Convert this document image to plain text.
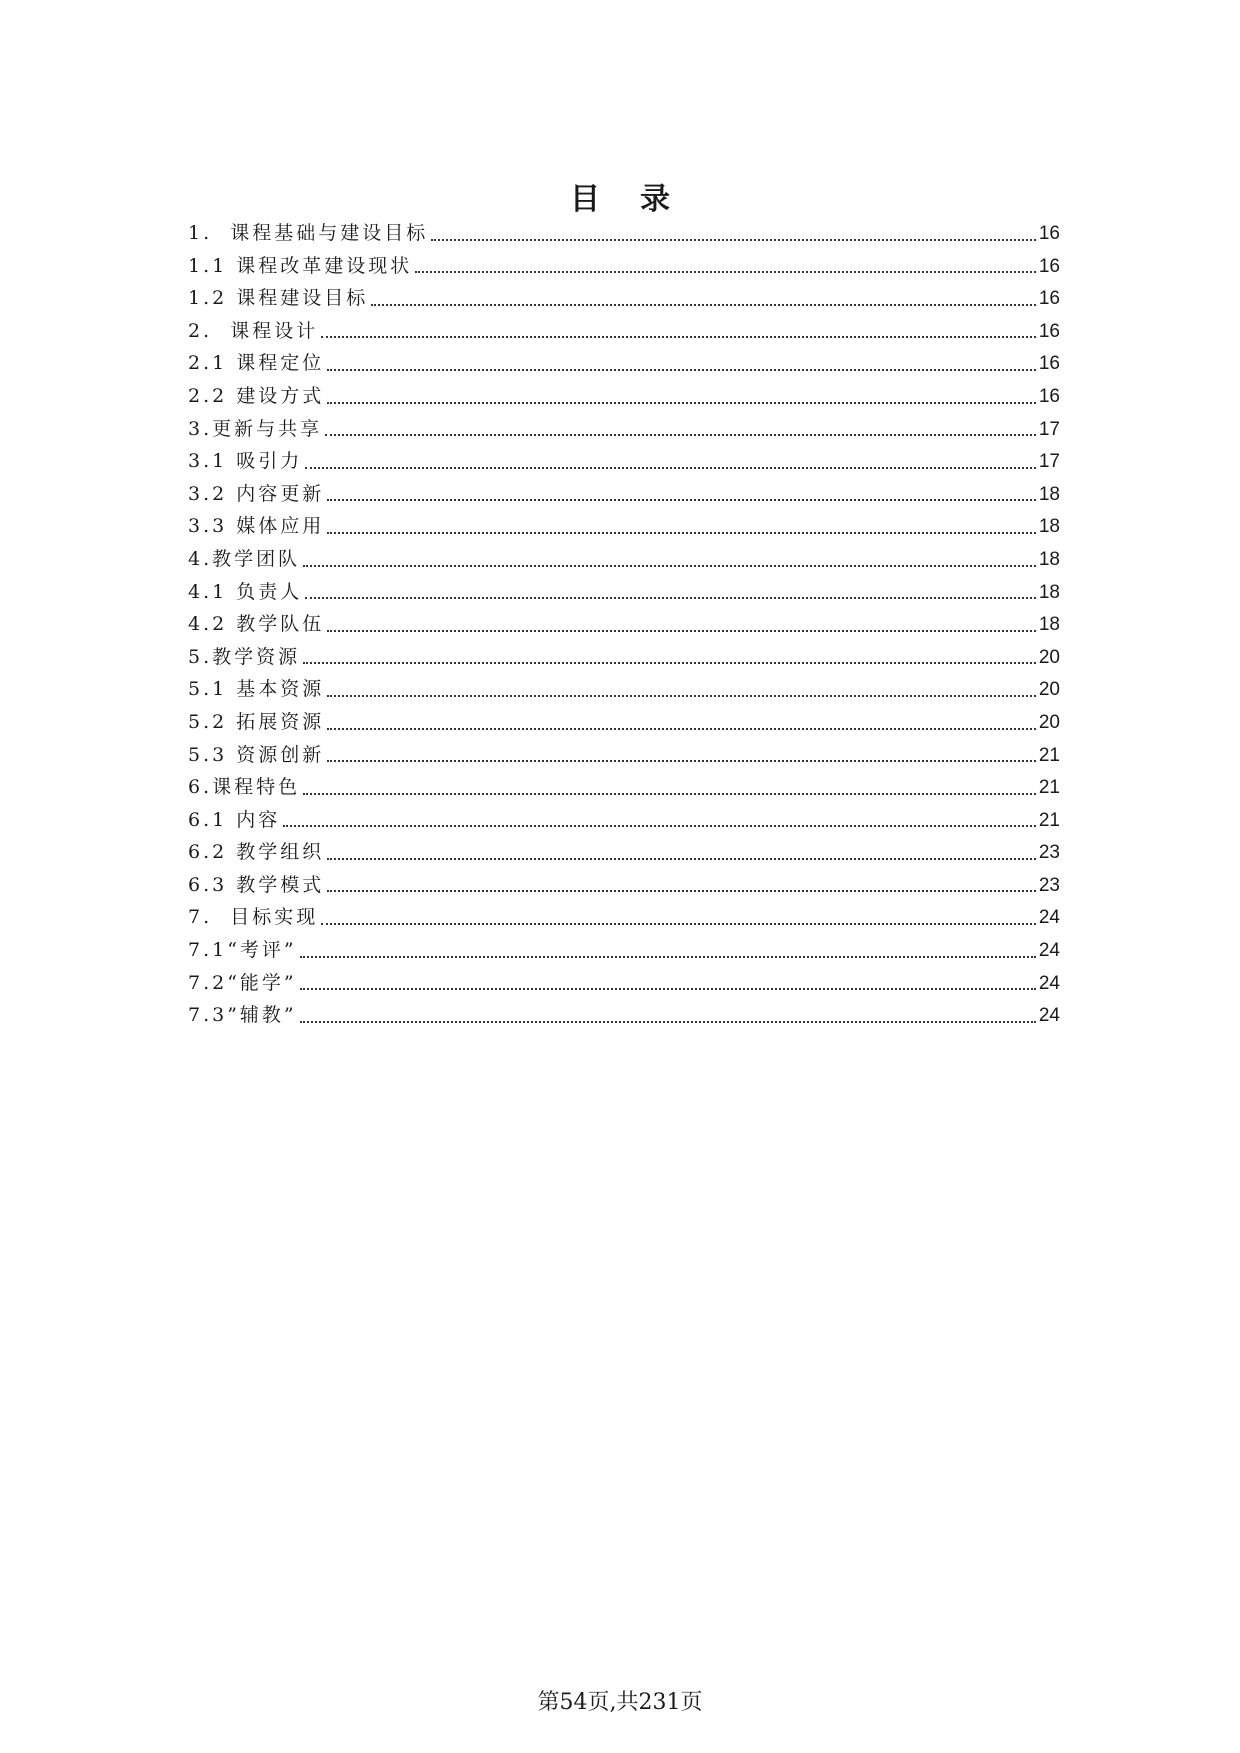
目录
1.  课程基础与建设目标	16
1.1 课程改革建设现状	16
1.2 课程建设目标	16
2.  课程设计	16
2.1 课程定位	16
2.2 建设方式	16
3.更新与共享	17
3.1 吸引力	17
3.2 内容更新	18
3.3 媒体应用	18
4.教学团队	18
4.1 负责人	18
4.2 教学队伍	18
5.教学资源	20
5.1 基本资源	20
5.2 拓展资源	20
5.3 资源创新	21
6.课程特色	21
6.1 内容	21
6.2 教学组织	23
6.3 教学模式	23
7.  目标实现	24
7.1“考评”	24
7.2“能学”	24
7.3”辅教”	24
第54页,共231页
